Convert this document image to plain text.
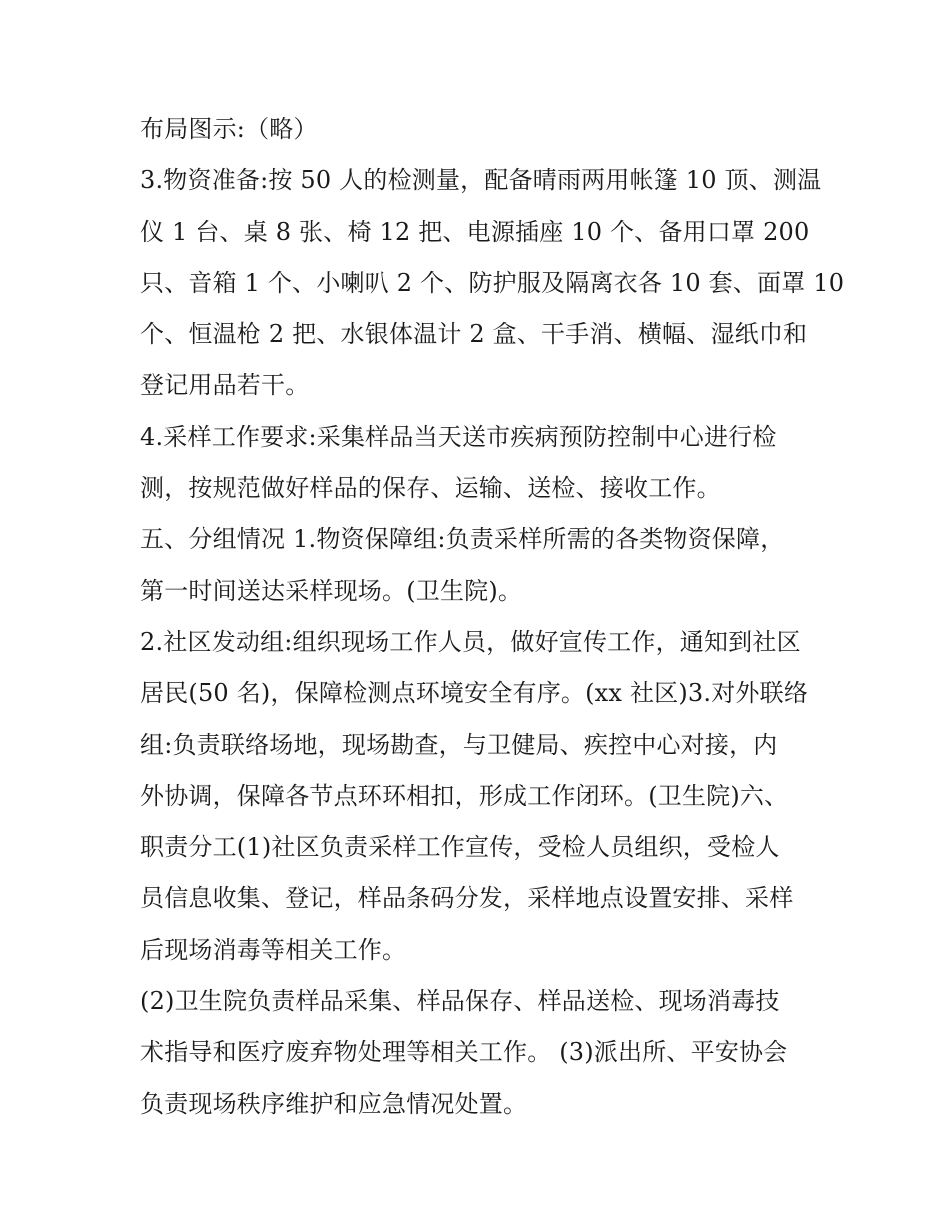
布局图示:（略）
3.物资准备:按 50 人的检测量，配备晴雨两用帐篷 10 顶、测温
仪 1 台、桌 8 张、椅 12 把、电源插座 10 个、备用口罩 200
只、音箱 1 个、小喇叭 2 个、防护服及隔离衣各 10 套、面罩 10
个、恒温枪 2 把、水银体温计 2 盒、干手消、横幅、湿纸巾和
登记用品若干。
4.采样工作要求:采集样品当天送市疾病预防控制中心进行检
测，按规范做好样品的保存、运输、送检、接收工作。
五、分组情况 1.物资保障组:负责采样所需的各类物资保障，
第一时间送达采样现场。(卫生院)。
2.社区发动组:组织现场工作人员，做好宣传工作，通知到社区
居民(50 名)，保障检测点环境安全有序。(xx 社区)3.对外联络
组:负责联络场地，现场勘查，与卫健局、疾控中心对接，内
外协调，保障各节点环环相扣，形成工作闭环。(卫生院)六、
职责分工(1)社区负责采样工作宣传，受检人员组织，受检人
员信息收集、登记，样品条码分发，采样地点设置安排、采样
后现场消毒等相关工作。
(2)卫生院负责样品采集、样品保存、样品送检、现场消毒技
术指导和医疗废弃物处理等相关工作。 (3)派出所、平安协会
负责现场秩序维护和应急情况处置。
